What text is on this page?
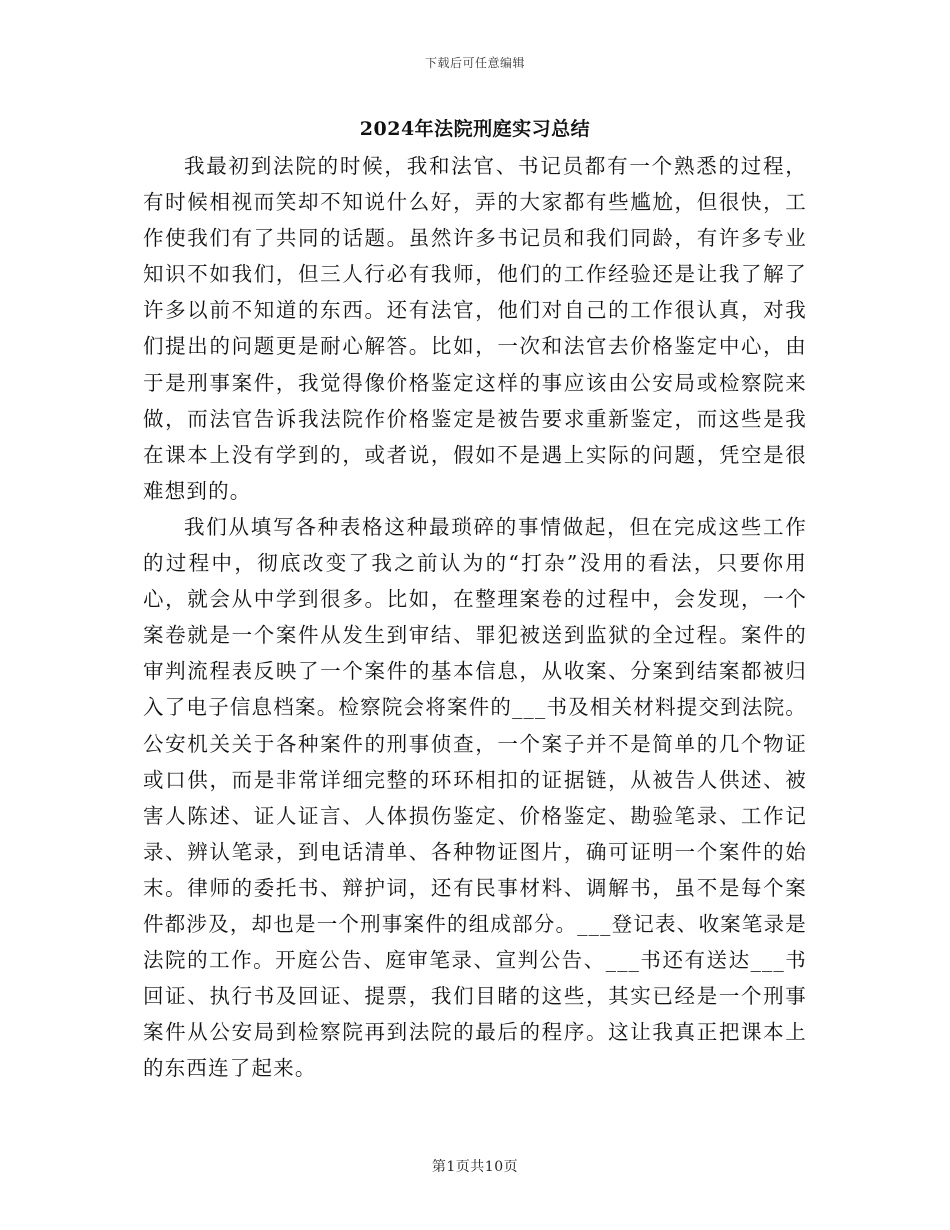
下载后可任意编辑
2024年法院刑庭实习总结

我最初到法院的时候，我和法官、书记员都有一个熟悉的过程，有时候相视而笑却不知说什么好，弄的大家都有些尴尬，但很快，工作使我们有了共同的话题。虽然许多书记员和我们同龄，有许多专业知识不如我们，但三人行必有我师，他们的工作经验还是让我了解了许多以前不知道的东西。还有法官，他们对自己的工作很认真，对我们提出的问题更是耐心解答。比如，一次和法官去价格鉴定中心，由于是刑事案件，我觉得像价格鉴定这样的事应该由公安局或检察院来做，而法官告诉我法院作价格鉴定是被告要求重新鉴定，而这些是我在课本上没有学到的，或者说，假如不是遇上实际的问题，凭空是很难想到的。

我们从填写各种表格这种最琐碎的事情做起，但在完成这些工作的过程中，彻底改变了我之前认为的“打杂”没用的看法，只要你用心，就会从中学到很多。比如，在整理案卷的过程中，会发现，一个案卷就是一个案件从发生到审结、罪犯被送到监狱的全过程。案件的审判流程表反映了一个案件的基本信息，从收案、分案到结案都被归入了电子信息档案。检察院会将案件的___书及相关材料提交到法院。公安机关关于各种案件的刑事侦查，一个案子并不是简单的几个物证或口供，而是非常详细完整的环环相扣的证据链，从被告人供述、被害人陈述、证人证言、人体损伤鉴定、价格鉴定、勘验笔录、工作记录、辨认笔录，到电话清单、各种物证图片，确可证明一个案件的始末。律师的委托书、辩护词，还有民事材料、调解书，虽不是每个案件都涉及，却也是一个刑事案件的组成部分。___登记表、收案笔录是法院的工作。开庭公告、庭审笔录、宣判公告、___书还有送达___书回证、执行书及回证、提票，我们目睹的这些，其实已经是一个刑事案件从公安局到检察院再到法院的最后的程序。这让我真正把课本上的东西连了起来。

第1页共10页
